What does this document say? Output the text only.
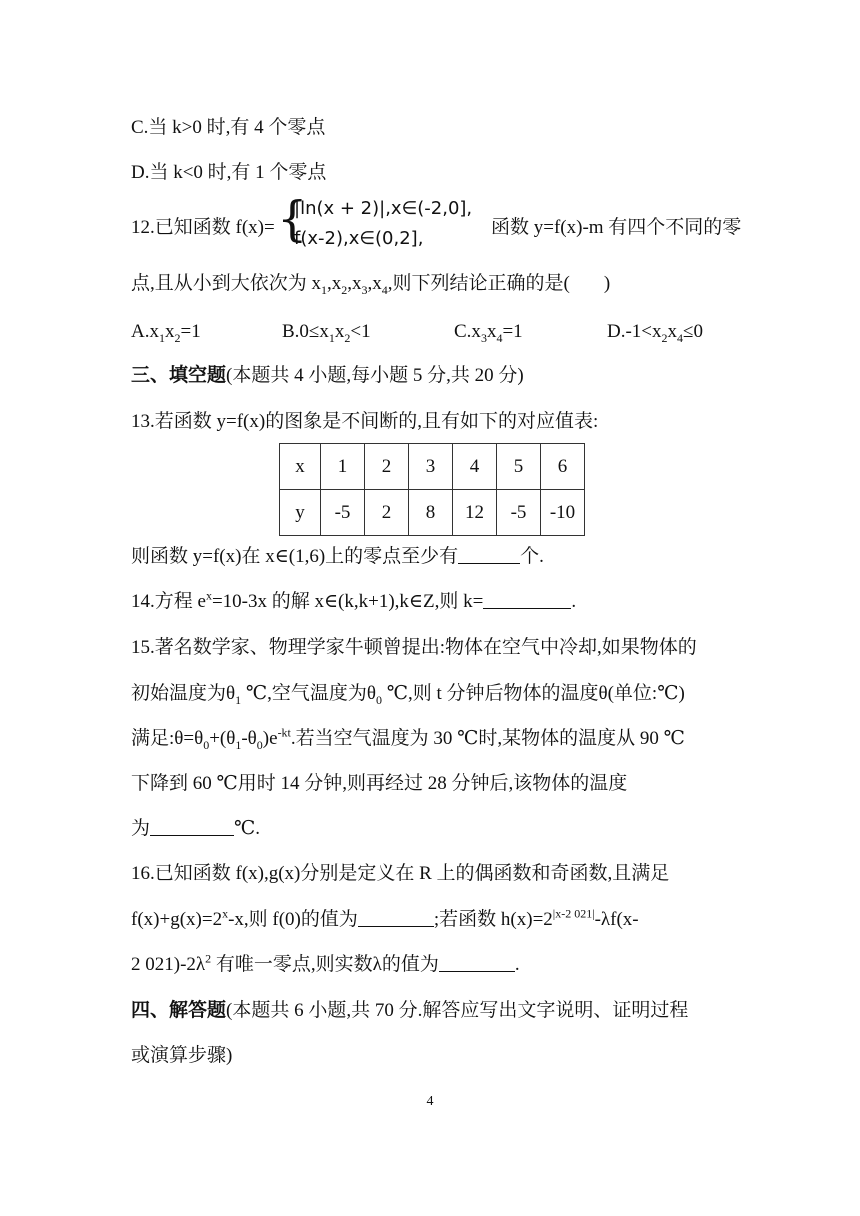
C.当 k>0 时,有 4 个零点
D.当 k<0 时,有 1 个零点
12.已知函数 f(x)= {
|ln(x + 2)|,x∈(-2,0],
f(x-2),x∈(0,2],
函数 y=f(x)-m 有四个不同的零
点,且从小到大依次为 $x_1,x_2,x_3,x_4$,则下列结论正确的是( )
$A.x_1x_2=1$	$B.0\le x_1x_2<1$	$C.x_3x_4=1$	$D.-1<x_2x_4\le 0$
三、填空题(本题共 4 小题,每小题 5 分,共 20 分)
13.若函数 y=f(x)的图象是不间断的,且有如下的对应值表:
x	1	2	3	4	5	6
y	-5	2	8	12	-5	-10
则函数 y=f(x)在 x∈(1,6)上的零点至少有	个.
14.方程 $e^x=10-3x$ 的解 x∈(k,k+1),k∈Z,则 k=	.
15.著名数学家、物理学家牛顿曾提出:物体在空气中冷却,如果物体的
初始温度为$\theta_1$ ℃,空气温度为$\theta_0$ ℃,则 t 分钟后物体的温度θ(单位:℃)
满足$:\theta=\theta_0+(\theta_1-\theta_0)e^{-kt}$.若当空气温度为 30 ℃时,某物体的温度从 90 ℃
下降到 60 ℃用时 14 分钟,则再经过 28 分钟后,该物体的温度
为	℃.
16.已知函数 f(x),g(x)分别是定义在 R 上的偶函数和奇函数,且满足
$f(x)+g(x)=2^x-x$,则 f(0)的值为	;若函数 $h(x)=2^{|x-2 021|}-\lambda f(x-$
2 $021)-2\lambda^2$ 有唯一零点,则实数λ的值为	.
四、解答题(本题共 6 小题,共 70 分.解答应写出文字说明、证明过程
或演算步骤)
4
